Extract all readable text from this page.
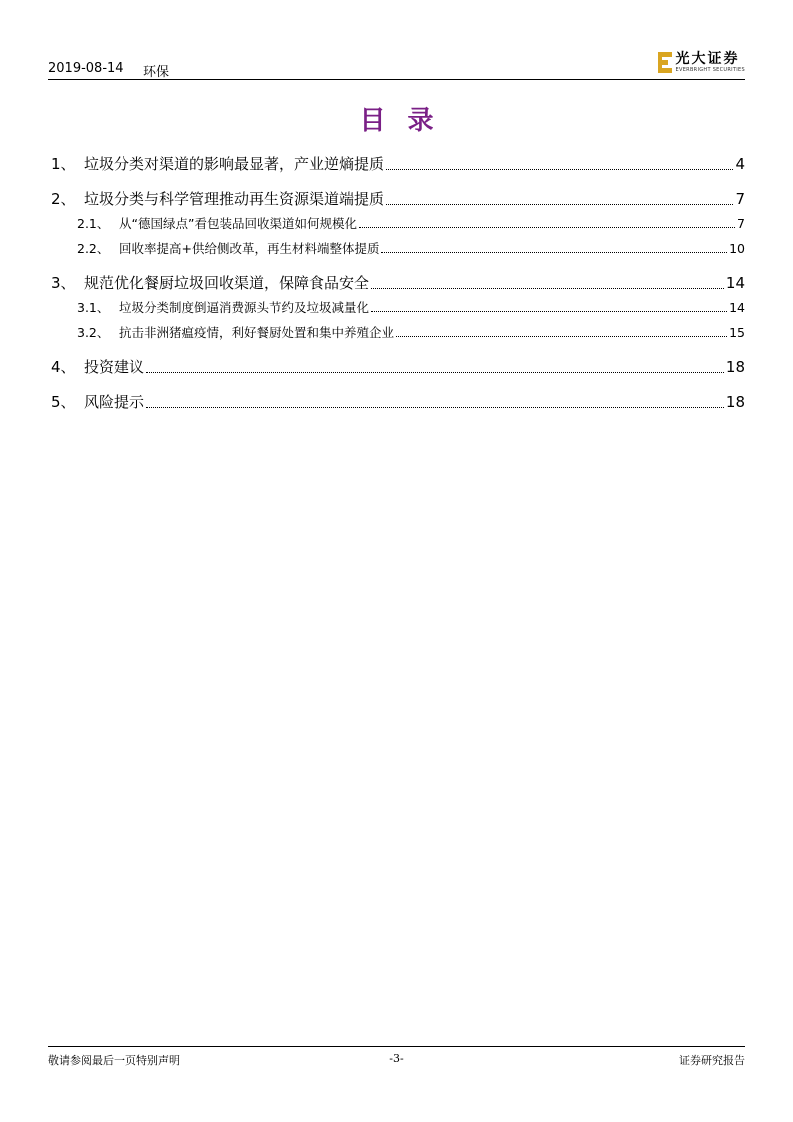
2019-08-14 环保
光大证券
EVERBRIGHT SECURITIES
目录
1、 垃圾分类对渠道的影响最显著，产业逆熵提质	4
2、 垃圾分类与科学管理推动再生资源渠道端提质	7
2.1、 从“德国绿点”看包装品回收渠道如何规模化	7
2.2、 回收率提高+供给侧改革，再生材料端整体提质	10
3、 规范优化餐厨垃圾回收渠道，保障食品安全	14
3.1、 垃圾分类制度倒逼消费源头节约及垃圾减量化	14
3.2、 抗击非洲猪瘟疫情，利好餐厨处置和集中养殖企业	15
4、 投资建议	18
5、 风险提示	18
敬请参阅最后一页特别声明	-3-	证券研究报告
